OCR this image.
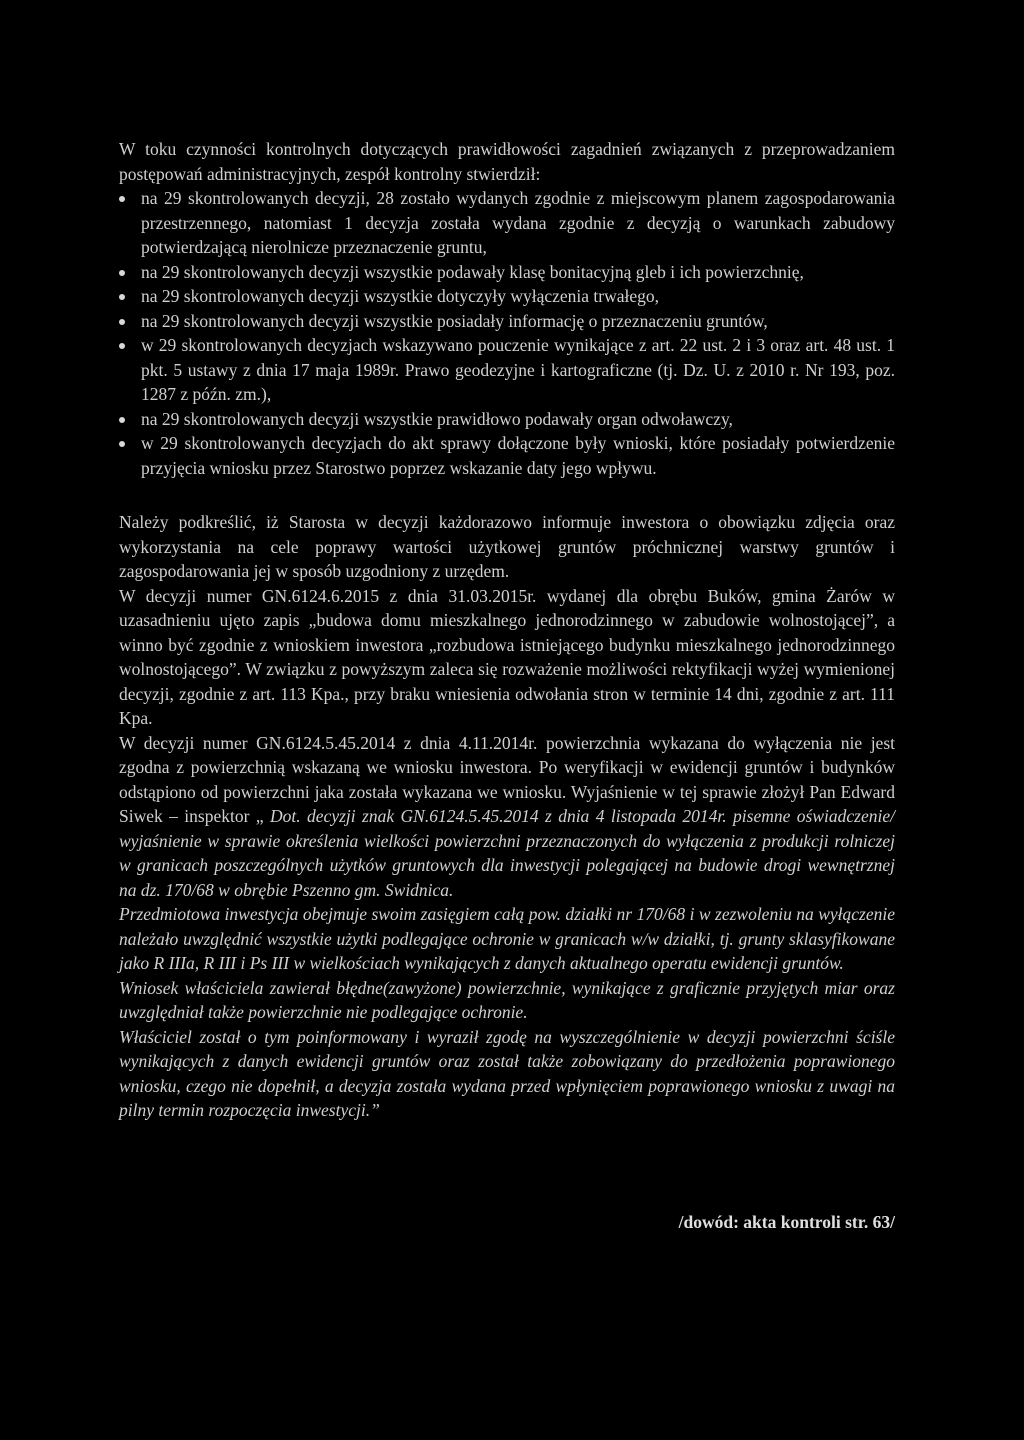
W toku czynności kontrolnych dotyczących prawidłowości zagadnień związanych z przeprowadzaniem postępowań administracyjnych, zespół kontrolny stwierdził:

na 29 skontrolowanych decyzji, 28 zostało wydanych zgodnie z miejscowym planem zagospodarowania przestrzennego, natomiast 1 decyzja została wydana zgodnie z decyzją o warunkach zabudowy potwierdzającą nierolnicze przeznaczenie gruntu,
na 29 skontrolowanych decyzji wszystkie podawały klasę bonitacyjną gleb i ich powierzchnię,
na 29 skontrolowanych decyzji wszystkie dotyczyły wyłączenia trwałego,
na 29 skontrolowanych decyzji wszystkie posiadały informację o przeznaczeniu gruntów,
w 29 skontrolowanych decyzjach wskazywano pouczenie wynikające z art. 22 ust. 2 i 3 oraz art. 48 ust. 1 pkt. 5 ustawy z dnia 17 maja 1989r. Prawo geodezyjne i kartograficzne (tj. Dz. U. z 2010 r. Nr 193, poz. 1287 z późn. zm.),
na 29 skontrolowanych decyzji wszystkie prawidłowo podawały organ odwoławczy,
w 29 skontrolowanych decyzjach do akt sprawy dołączone były wnioski, które posiadały potwierdzenie przyjęcia wniosku przez Starostwo poprzez wskazanie daty jego wpływu.

Należy podkreślić, iż Starosta w decyzji każdorazowo informuje inwestora o obowiązku zdjęcia oraz wykorzystania na cele poprawy wartości użytkowej gruntów próchnicznej warstwy gruntów i zagospodarowania jej w sposób uzgodniony z urzędem.

W decyzji numer GN.6124.6.2015 z dnia 31.03.2015r. wydanej dla obrębu Buków, gmina Żarów w uzasadnieniu ujęto zapis „budowa domu mieszkalnego jednorodzinnego w zabudowie wolnostojącej”, a winno być zgodnie z wnioskiem inwestora „rozbudowa istniejącego budynku mieszkalnego jednorodzinnego wolnostojącego”. W związku z powyższym zaleca się rozważenie możliwości rektyfikacji wyżej wymienionej decyzji, zgodnie z art. 113 Kpa., przy braku wniesienia odwołania stron w terminie 14 dni, zgodnie z art. 111 Kpa.

W decyzji numer GN.6124.5.45.2014 z dnia 4.11.2014r. powierzchnia wykazana do wyłączenia nie jest zgodna z powierzchnią wskazaną we wniosku inwestora. Po weryfikacji w ewidencji gruntów i budynków odstąpiono od powierzchni jaka została wykazana we wniosku. Wyjaśnienie w tej sprawie złożył Pan Edward Siwek – inspektor „ Dot. decyzji znak GN.6124.5.45.2014 z dnia 4 listopada 2014r. pisemne oświadczenie/ wyjaśnienie w sprawie określenia wielkości powierzchni przeznaczonych do wyłączenia z produkcji rolniczej w granicach poszczególnych użytków gruntowych dla inwestycji polegającej na budowie drogi wewnętrznej na dz. 170/68 w obrębie Pszenno gm. Swidnica.

Przedmiotowa inwestycja obejmuje swoim zasięgiem całą pow. działki nr 170/68 i w zezwoleniu na wyłączenie należało uwzględnić wszystkie użytki podlegające ochronie w granicach w/w działki, tj. grunty sklasyfikowane jako R IIIa, R III i Ps III w wielkościach wynikających z danych aktualnego operatu ewidencji gruntów.

Wniosek właściciela zawierał błędne(zawyżone) powierzchnie, wynikające z graficznie przyjętych miar oraz uwzględniał także powierzchnie nie podlegające ochronie.

Właściciel został o tym poinformowany i wyraził zgodę na wyszczególnienie w decyzji powierzchni ściśle wynikających z danych ewidencji gruntów oraz został także zobowiązany do przedłożenia poprawionego wniosku, czego nie dopełnił, a decyzja została wydana przed wpłynięciem poprawionego wniosku z uwagi na pilny termin rozpoczęcia inwestycji.”

/dowód: akta kontroli str. 63/
